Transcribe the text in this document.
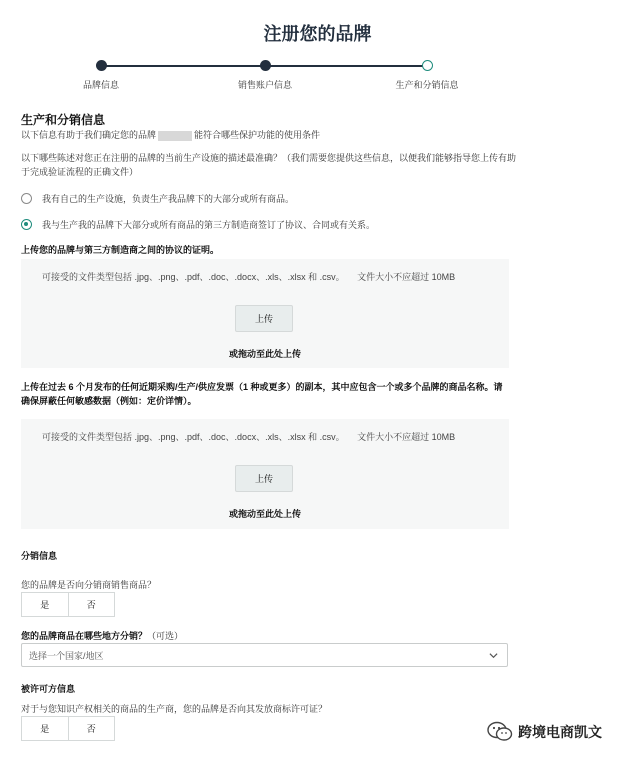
注册您的品牌
品牌信息	销售账户信息	生产和分销信息
生产和分销信息
以下信息有助于我们确定您的品牌	能符合哪些保护功能的使用条件
以下哪些陈述对您正在注册的品牌的当前生产设施的描述最准确？（我们需要您提供这些信息，以便我们能够指导您上传有助于完成验证流程的正确文件）
我有自己的生产设施，负责生产我品牌下的大部分或所有商品。
我与生产我的品牌下大部分或所有商品的第三方制造商签订了协议、合同或有关系。
上传您的品牌与第三方制造商之间的协议的证明。
可接受的文件类型包括 .jpg、.png、.pdf、.doc、.docx、.xls、.xlsx 和 .csv。 文件大小不应超过 10MB
上传
或拖动至此处上传
上传在过去 6 个月发布的任何近期采购/生产/供应发票（1 种或更多）的副本，其中应包含一个或多个品牌的商品名称。请确保屏蔽任何敏感数据（例如：定价详情）。
可接受的文件类型包括 .jpg、.png、.pdf、.doc、.docx、.xls、.xlsx 和 .csv。 文件大小不应超过 10MB
上传
或拖动至此处上传
分销信息
您的品牌是否向分销商销售商品？
是	否
您的品牌商品在哪些地方分销？（可选）
选择一个国家/地区
被许可方信息
对于与您知识产权相关的商品的生产商，您的品牌是否向其发放商标许可证？
是	否	跨境电商凯文
